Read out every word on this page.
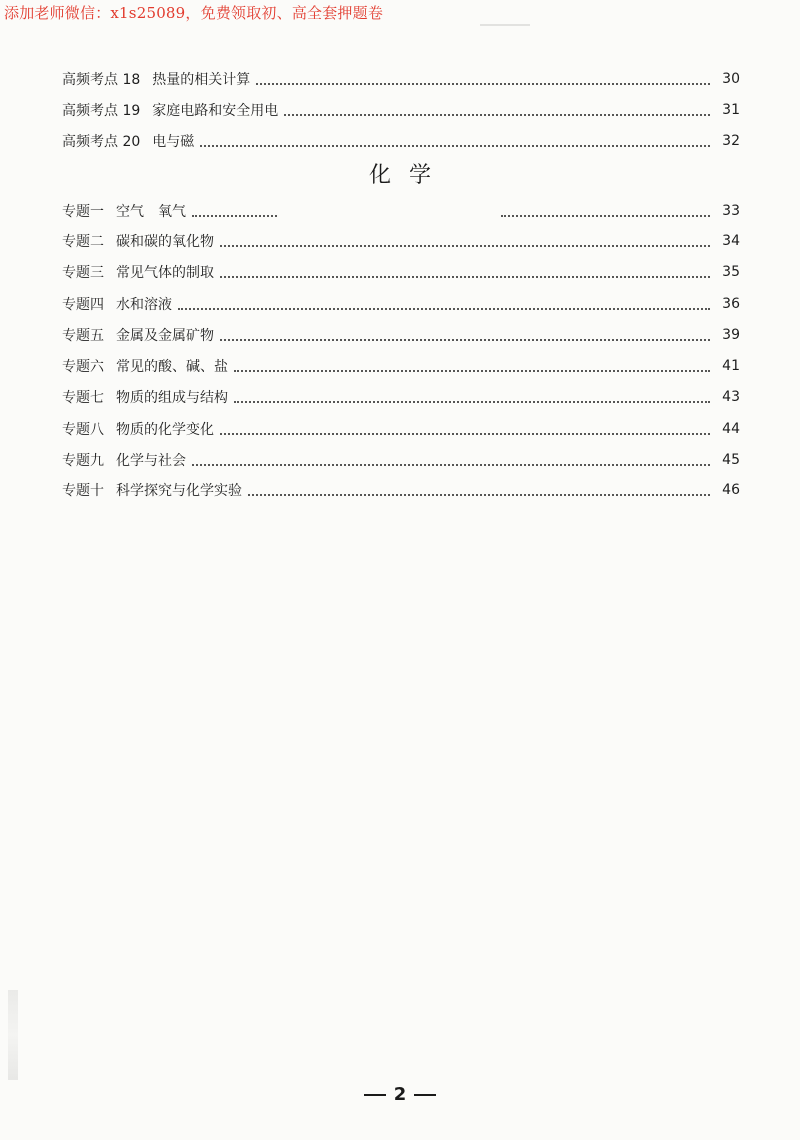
添加老师微信：x1s25089，免费领取初、高全套押题卷
高频考点 18 热量的相关计算	30
高频考点 19 家庭电路和安全用电	31
高频考点 20 电与磁	32
化学
专题一 空气　氧气	33
专题二 碳和碳的氧化物	34
专题三 常见气体的制取	35
专题四 水和溶液	36
专题五 金属及金属矿物	39
专题六 常见的酸、碱、盐	41
专题七 物质的组成与结构	43
专题八 物质的化学变化	44
专题九 化学与社会	45
专题十 科学探究与化学实验	46
2
